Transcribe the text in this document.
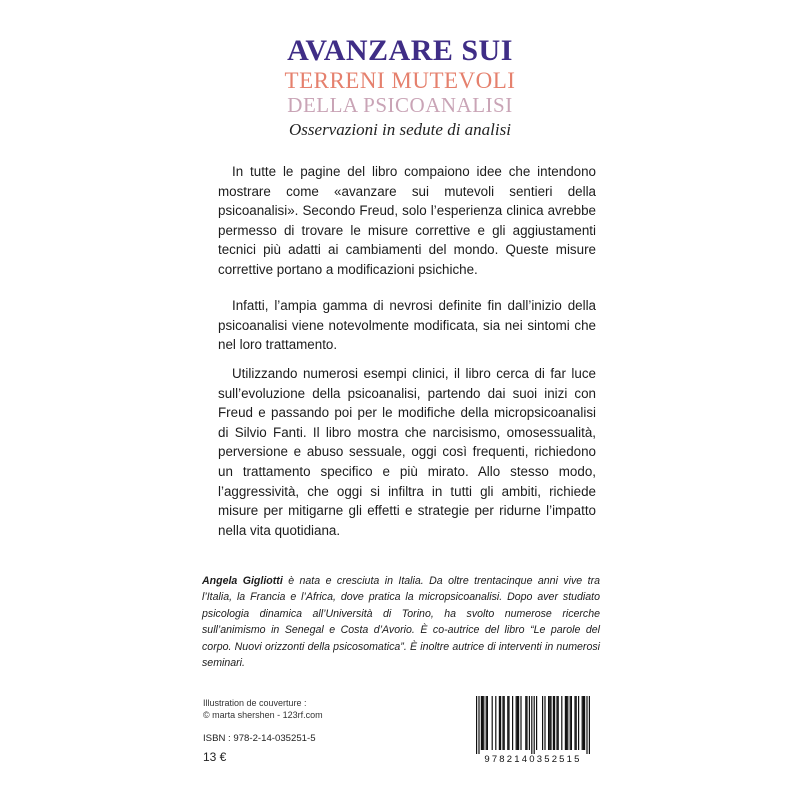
AVANZARE SUI
TERRENI MUTEVOLI
DELLA PSICOANALISI
Osservazioni in sedute di analisi

In tutte le pagine del libro compaiono idee che intendono mostrare come «avanzare sui mutevoli sentieri della psicoanalisi». Secondo Freud, solo l’esperienza clinica avrebbe permesso di trovare le misure correttive e gli aggiustamenti tecnici più adatti ai cambiamenti del mondo. Queste misure correttive portano a modificazioni psichiche.

Infatti, l’ampia gamma di nevrosi definite fin dall’inizio della psicoanalisi viene notevolmente modificata, sia nei sintomi che nel loro trattamento.

Utilizzando numerosi esempi clinici, il libro cerca di far luce sull’evoluzione della psicoanalisi, partendo dai suoi inizi con Freud e passando poi per le modifiche della micropsicoanalisi di Silvio Fanti. Il libro mostra che narcisismo, omosessualità, perversione e abuso sessuale, oggi così frequenti, richiedono un trattamento specifico e più mirato. Allo stesso modo, l’aggressività, che oggi si infiltra in tutti gli ambiti, richiede misure per mitigarne gli effetti e strategie per ridurne l’impatto nella vita quotidiana.

Angela Gigliotti è nata e cresciuta in Italia. Da oltre trentacinque anni vive tra l’Italia, la Francia e l’Africa, dove pratica la micropsicoanalisi. Dopo aver studiato psicologia dinamica all’Università di Torino, ha svolto numerose ricerche sull’animismo in Senegal e Costa d’Avorio. È co-autrice del libro “Le parole del corpo. Nuovi orizzonti della psicosomatica”. È inoltre autrice di interventi in numerosi seminari.
Illustration de couverture :
© marta shershen - 123rf.com
ISBN : 978-2-14-035251-5
13 €	9782140352515
